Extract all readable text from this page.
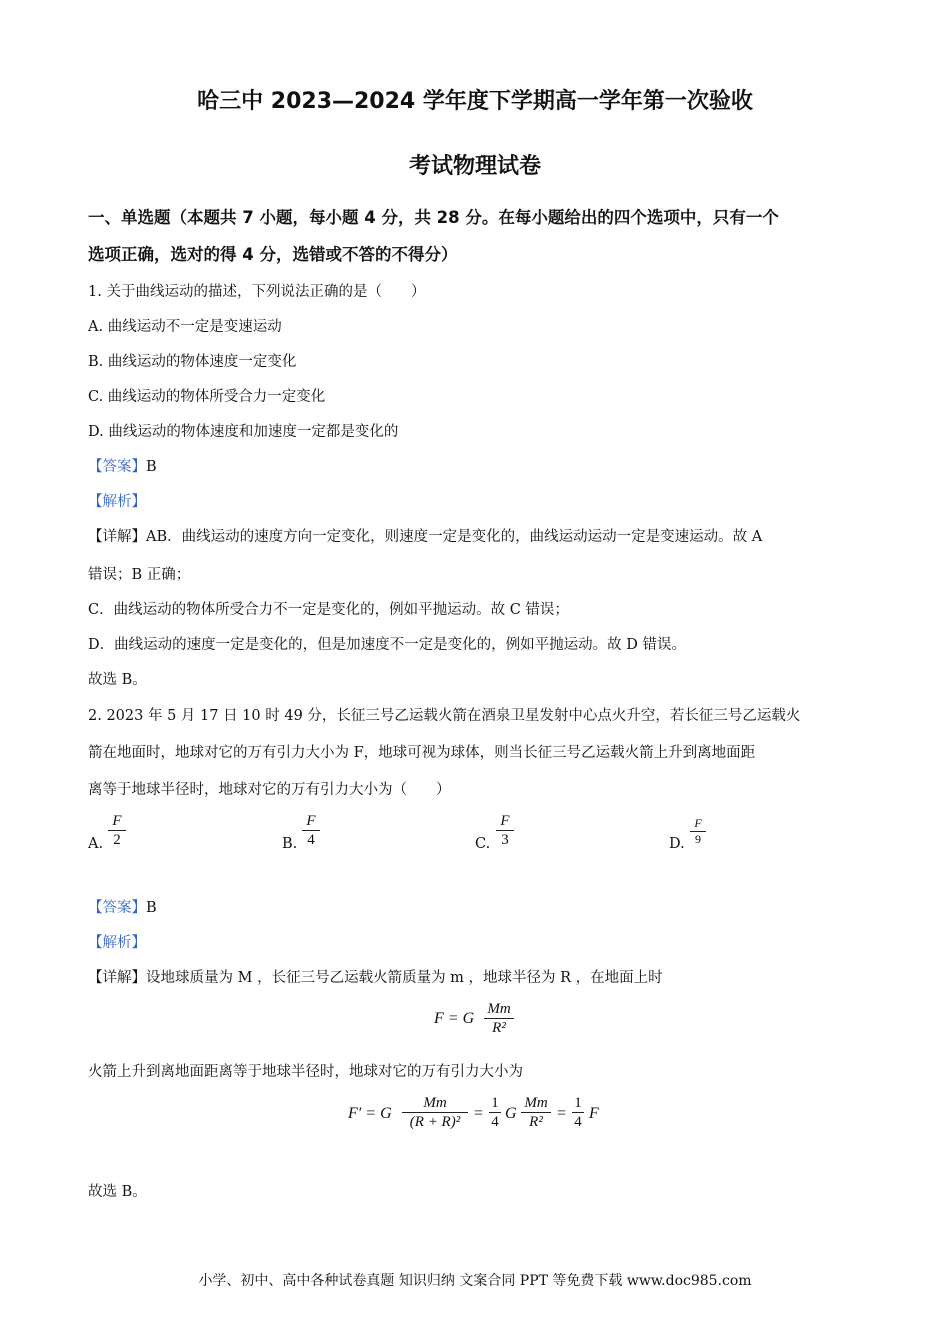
哈三中 2023—2024 学年度下学期高一学年第一次验收
考试物理试卷
一、单选题（本题共 7 小题，每小题 4 分，共 28 分。在每小题给出的四个选项中，只有一个
选项正确，选对的得 4 分，选错或不答的不得分）
1. 关于曲线运动的描述，下列说法正确的是（　　）
A. 曲线运动不一定是变速运动
B. 曲线运动的物体速度一定变化
C. 曲线运动的物体所受合力一定变化
D. 曲线运动的物体速度和加速度一定都是变化的
【答案】B
【解析】
【详解】AB．曲线运动的速度方向一定变化，则速度一定是变化的，曲线运动运动一定是变速运动。故 A
错误；B 正确；
C．曲线运动的物体所受合力不一定是变化的，例如平抛运动。故 C 错误；
D．曲线运动的速度一定是变化的，但是加速度不一定是变化的，例如平抛运动。故 D 错误。
故选 B。
2. 2023 年 5 月 17 日 10 时 49 分，长征三号乙运载火箭在酒泉卫星发射中心点火升空，若长征三号乙运载火
箭在地面时，地球对它的万有引力大小为 F，地球可视为球体，则当长征三号乙运载火箭上升到离地面距
离等于地球半径时，地球对它的万有引力大小为（　　）
A.
F
2	B.
F
4	C.
F
3	D.
F
9
【答案】B
【解析】
【详解】设地球质量为 M ，长征三号乙运载火箭质量为 m ，地球半径为 R ，在地面上时
F = G
Mm
R²
火箭上升到离地面距离等于地球半径时，地球对它的万有引力大小为
F′ = G
Mm
(R + R)² =
1
4 G
Mm
R² =
1
4 F
故选 B。
小学、初中、高中各种试卷真题 知识归纳 文案合同 PPT 等免费下载 www.doc985.com
